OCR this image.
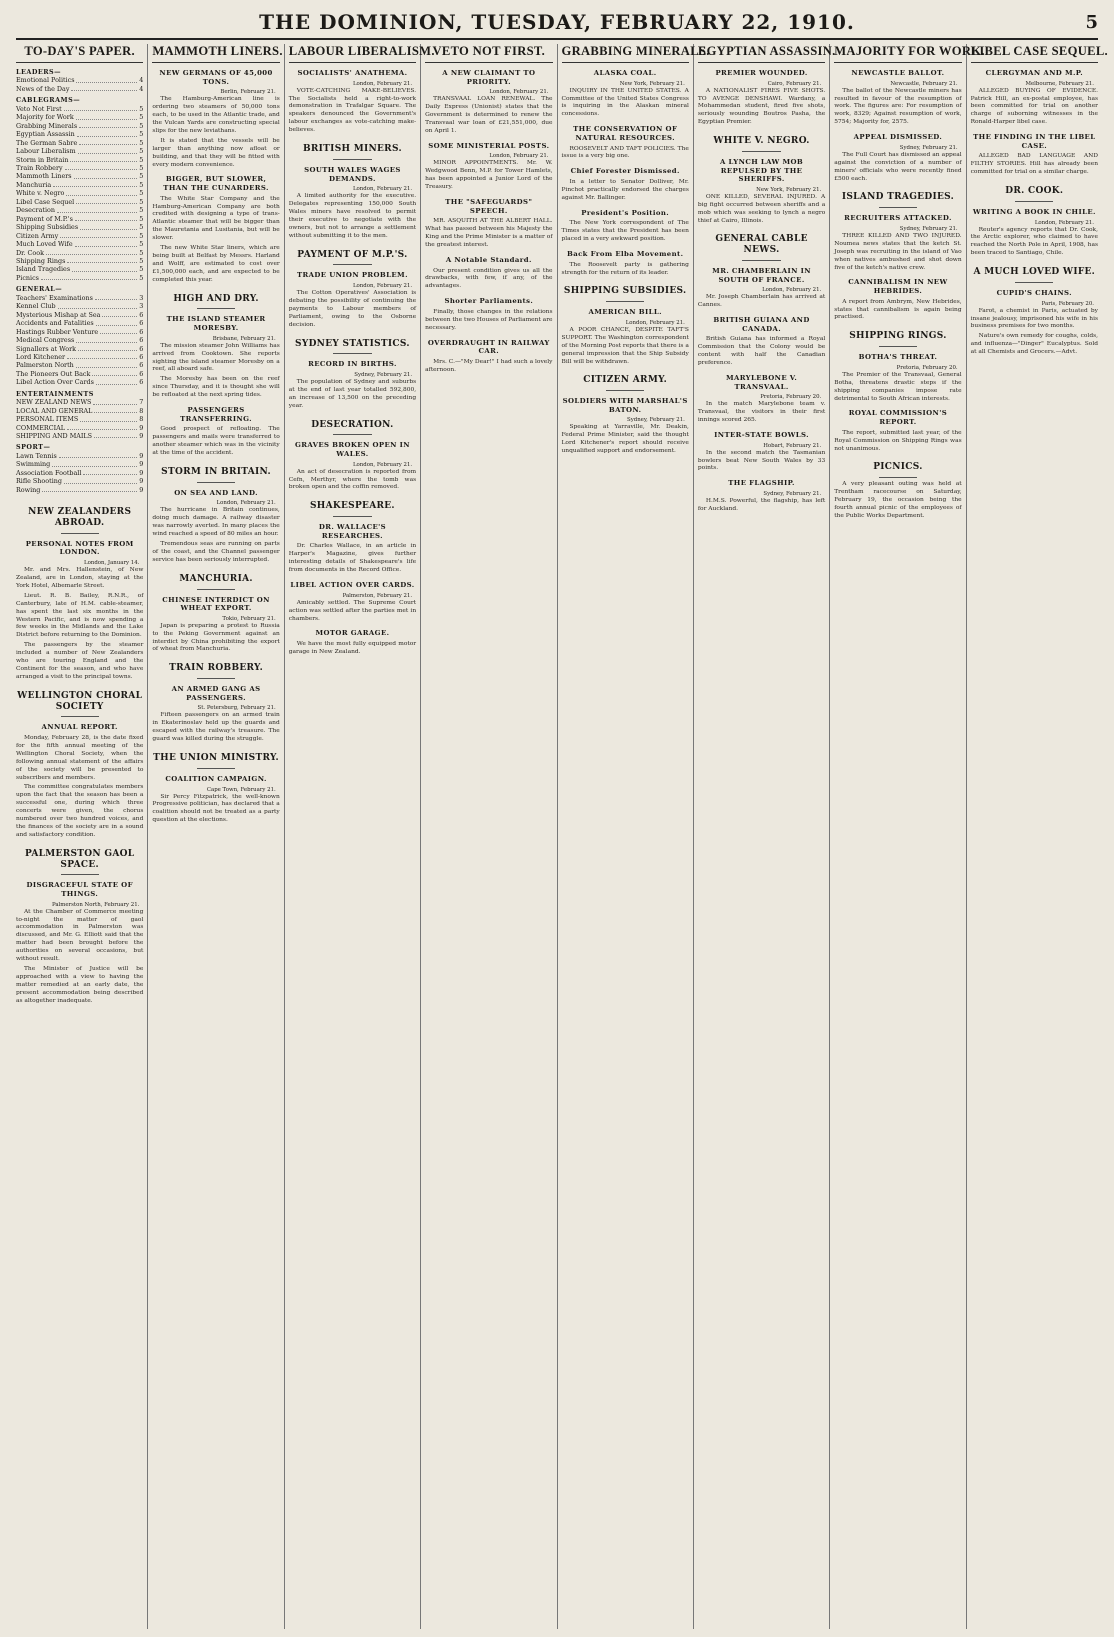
THE DOMINION, TUESDAY, FEBRUARY 22, 1910.	5
TO-DAY'S PAPER.
LEADERS—
Emotional Politics	4
News of the Day	4
CABLEGRAMS—
Veto Not First	5
Majority for Work	5
Grabbing Minerals	5
Egyptian Assassin	5
The German Sabre	5
Labour Liberalism	5
Storm in Britain	5
Train Robbery	5
Mammoth Liners	5
Manchuria	5
White v. Negro	5
Libel Case Sequel	5
Desecration	5
Payment of M.P.'s	5
Shipping Subsidies	5
Citizen Army	5
Much Loved Wife	5
Dr. Cook	5
Shipping Rings	5
Island Tragedies	5
Picnics	5
GENERAL—
Teachers' Examinations	3
Kennel Club	3
Mysterious Mishap at Sea	6
Accidents and Fatalities	6
Hastings Rubber Venture	6
Medical Congress	6
Signallers at Work	6
Lord Kitchener	6
Palmerston North	6
The Pioneers Out Back	6
Libel Action Over Cards	6
ENTERTAINMENTS
NEW ZEALAND NEWS	7
LOCAL AND GENERAL	8
PERSONAL ITEMS	8
COMMERCIAL	9
SHIPPING AND MAILS	9
SPORT—
Lawn Tennis	9
Swimming	9
Association Football	9
Rifle Shooting	9
Rowing	9
NEW ZEALANDERS ABROAD.
PERSONAL NOTES FROM LONDON.
London, January 14.

Mr. and Mrs. Hallenstein, of New Zealand, are in London, staying at the York Hotel, Albemarle Street.

Lieut. R. B. Bailey, R.N.R., of Canterbury, late of H.M. cable-steamer, has spent the last six months in the Western Pacific, and is now spending a few weeks in the Midlands and the Lake District before returning to the Dominion.

The passengers by the steamer included a number of New Zealanders who are touring England and the Continent for the season, and who have arranged a visit to the principal towns.

WELLINGTON CHORAL SOCIETY
ANNUAL REPORT.

Monday, February 28, is the date fixed for the fifth annual meeting of the Wellington Choral Society, when the following annual statement of the affairs of the society will be presented to subscribers and members.

The committee congratulates members upon the fact that the season has been a successful one, during which three concerts were given, the chorus numbered over two hundred voices, and the finances of the society are in a sound and satisfactory condition.

PALMERSTON GAOL SPACE.
DISGRACEFUL STATE OF THINGS.
Palmerston North, February 21.

At the Chamber of Commerce meeting to-night the matter of gaol accommodation in Palmerston was discussed, and Mr. G. Elliott said that the matter had been brought before the authorities on several occasions, but without result.

The Minister of Justice will be approached with a view to having the matter remedied at an early date, the present accommodation being described as altogether inadequate.

MAMMOTH LINERS.
NEW GERMANS OF 45,000 TONS.
Berlin, February 21.

The Hamburg-American line is ordering two steamers of 50,000 tons each, to be used in the Atlantic trade, and the Vulcan Yards are constructing special slips for the new leviathans.

It is stated that the vessels will be larger than anything now afloat or building, and that they will be fitted with every modern convenience.

BIGGER, BUT SLOWER, THAN THE CUNARDERS.

The White Star Company and the Hamburg-American Company are both credited with designing a type of trans-Atlantic steamer that will be bigger than the Mauretania and Lusitania, but will be slower.

The new White Star liners, which are being built at Belfast by Messrs. Harland and Wolff, are estimated to cost over £1,500,000 each, and are expected to be completed this year.

HIGH AND DRY.
THE ISLAND STEAMER MORESBY.
Brisbane, February 21.

The mission steamer John Williams has arrived from Cooktown. She reports sighting the island steamer Moresby on a reef, all aboard safe.

The Moresby has been on the reef since Thursday, and it is thought she will be refloated at the next spring tides.

PASSENGERS TRANSFERRING.

Good prospect of refloating. The passengers and mails were transferred to another steamer which was in the vicinity at the time of the accident.

STORM IN BRITAIN.
ON SEA AND LAND.
London, February 21.

The hurricane in Britain continues, doing much damage. A railway disaster was narrowly averted. In many places the wind reached a speed of 80 miles an hour.

Tremendous seas are running on parts of the coast, and the Channel passenger service has been seriously interrupted.

MANCHURIA.
CHINESE INTERDICT ON WHEAT EXPORT.
Tokio, February 21.

Japan is preparing a protest to Russia to the Peking Government against an interdict by China prohibiting the export of wheat from Manchuria.

TRAIN ROBBERY.
AN ARMED GANG AS PASSENGERS.
St. Petersburg, February 21.

Fifteen passengers on an armed train in Ekaterinoslav held up the guards and escaped with the railway's treasure. The guard was killed during the struggle.

THE UNION MINISTRY.
COALITION CAMPAIGN.
Cape Town, February 21.

Sir Percy Fitzpatrick, the well-known Progressive politician, has declared that a coalition should not be treated as a party question at the elections.

LABOUR LIBERALISM.
SOCIALISTS' ANATHEMA.
London, February 21.

VOTE-CATCHING MAKE-BELIEVES. The Socialists held a right-to-work demonstration in Trafalgar Square. The speakers denounced the Government's labour exchanges as vote-catching make-believes.

BRITISH MINERS.
SOUTH WALES WAGES DEMANDS.
London, February 21.

A limited authority for the executive. Delegates representing 150,000 South Wales miners have resolved to permit their executive to negotiate with the owners, but not to arrange a settlement without submitting it to the men.

PAYMENT OF M.P.'S.
TRADE UNION PROBLEM.
London, February 21.

The Cotton Operatives' Association is debating the possibility of continuing the payments to Labour members of Parliament, owing to the Osborne decision.

SYDNEY STATISTICS.
RECORD IN BIRTHS.
Sydney, February 21.

The population of Sydney and suburbs at the end of last year totalled 592,800, an increase of 13,500 on the preceding year.

DESECRATION.
GRAVES BROKEN OPEN IN WALES.
London, February 21.

An act of desecration is reported from Cefn, Merthyr, where the tomb was broken open and the coffin removed.

SHAKESPEARE.
DR. WALLACE'S RESEARCHES.

Dr. Charles Wallace, in an article in Harper's Magazine, gives further interesting details of Shakespeare's life from documents in the Record Office.

LIBEL ACTION OVER CARDS.
Palmerston, February 21.

Amicably settled. The Supreme Court action was settled after the parties met in chambers.

MOTOR GARAGE.

We have the most fully equipped motor garage in New Zealand.

VETO NOT FIRST.
A NEW CLAIMANT TO PRIORITY.
London, February 21.

TRANSVAAL LOAN RENEWAL. The Daily Express (Unionist) states that the Government is determined to renew the Transvaal war loan of £21,551,000, due on April 1.

SOME MINISTERIAL POSTS.
London, February 21.

MINOR APPOINTMENTS. Mr. W. Wedgwood Benn, M.P. for Tower Hamlets, has been appointed a Junior Lord of the Treasury.

THE "SAFEGUARDS" SPEECH.

MR. ASQUITH AT THE ALBERT HALL. What has passed between his Majesty the King and the Prime Minister is a matter of the greatest interest.

A Notable Standard.

Our present condition gives us all the drawbacks, with few, if any, of the advantages.

Shorter Parliaments.

Finally, those changes in the relations between the two Houses of Parliament are necessary.

OVERDRAUGHT IN RAILWAY CAR.

Mrs. C.—"My Dear!" I had such a lovely afternoon.

GRABBING MINERALS.
ALASKA COAL.
New York, February 21.

INQUIRY IN THE UNITED STATES. A Committee of the United States Congress is inquiring in the Alaskan mineral concessions.

THE CONSERVATION OF NATURAL RESOURCES.

ROOSEVELT AND TAFT POLICIES. The issue is a very big one.

Chief Forester Dismissed.

In a letter to Senator Dolliver, Mr. Pinchot practically endorsed the charges against Mr. Ballinger.

President's Position.

The New York correspondent of The Times states that the President has been placed in a very awkward position.

Back From Elba Movement.

The Roosevelt party is gathering strength for the return of its leader.

SHIPPING SUBSIDIES.
AMERICAN BILL.
London, February 21.

A POOR CHANCE, DESPITE TAFT'S SUPPORT. The Washington correspondent of the Morning Post reports that there is a general impression that the Ship Subsidy Bill will be withdrawn.

CITIZEN ARMY.
SOLDIERS WITH MARSHAL'S BATON.
Sydney, February 21.

Speaking at Yarraville, Mr. Deakin, Federal Prime Minister, said the thought Lord Kitchener's report should receive unqualified support and endorsement.

EGYPTIAN ASSASSIN.
PREMIER WOUNDED.
Cairo, February 21.

A NATIONALIST FIRES FIVE SHOTS. TO AVENGE DENSHAWI. Wardany, a Mohammedan student, fired five shots, seriously wounding Boutros Pasha, the Egyptian Premier.

WHITE V. NEGRO.
A LYNCH LAW MOB REPULSED BY THE SHERIFFS.
New York, February 21.

ONE KILLED, SEVERAL INJURED. A big fight occurred between sheriffs and a mob which was seeking to lynch a negro thief at Cairo, Illinois.

GENERAL CABLE NEWS.
MR. CHAMBERLAIN IN SOUTH OF FRANCE.
London, February 21.

Mr. Joseph Chamberlain has arrived at Cannes.

BRITISH GUIANA AND CANADA.

British Guiana has informed a Royal Commission that the Colony would be content with half the Canadian preference.

MARYLEBONE V. TRANSVAAL.
Pretoria, February 20.

In the match Marylebone team v. Transvaal, the visitors in their first innings scored 265.

INTER-STATE BOWLS.
Hobart, February 21.

In the second match the Tasmanian bowlers beat New South Wales by 33 points.

THE FLAGSHIP.
Sydney, February 21.

H.M.S. Powerful, the flagship, has left for Auckland.

MAJORITY FOR WORK.
NEWCASTLE BALLOT.
Newcastle, February 21.

The ballot of the Newcastle miners has resulted in favour of the resumption of work. The figures are: For resumption of work, 8329; Against resumption of work, 5754; Majority for, 2575.

APPEAL DISMISSED.
Sydney, February 21.

The Full Court has dismissed an appeal against the conviction of a number of miners' officials who were recently fined £500 each.

ISLAND TRAGEDIES.
RECRUITERS ATTACKED.
Sydney, February 21.

THREE KILLED AND TWO INJURED. Noumea news states that the ketch St. Joseph was recruiting in the island of Vao when natives ambushed and shot down five of the ketch's native crew.

CANNIBALISM IN NEW HEBRIDES.

A report from Ambrym, New Hebrides, states that cannibalism is again being practised.

SHIPPING RINGS.
BOTHA'S THREAT.
Pretoria, February 20.

The Premier of the Transvaal, General Botha, threatens drastic steps if the shipping companies impose rate detrimental to South African interests.

ROYAL COMMISSION'S REPORT.

The report, submitted last year, of the Royal Commission on Shipping Rings was not unanimous.

PICNICS.

A very pleasant outing was held at Trentham racecourse on Saturday, February 19, the occasion being the fourth annual picnic of the employees of the Public Works Department.

LIBEL CASE SEQUEL.
CLERGYMAN AND M.P.
Melbourne, February 21.

ALLEGED BUYING OF EVIDENCE. Patrick Hill, an ex-postal employee, has been committed for trial on another charge of suborning witnesses in the Ronald-Harper libel case.

THE FINDING IN THE LIBEL CASE.

ALLEGED BAD LANGUAGE AND FILTHY STORIES. Hill has already been committed for trial on a similar charge.

DR. COOK.
WRITING A BOOK IN CHILE.
London, February 21.

Reuter's agency reports that Dr. Cook, the Arctic explorer, who claimed to have reached the North Pole in April, 1908, has been traced to Santiago, Chile.

A MUCH LOVED WIFE.
CUPID'S CHAINS.
Paris, February 20.

Farot, a chemist in Paris, actuated by insane jealousy, imprisoned his wife in his business premises for two months.

Nature's own remedy for coughs, colds, and influenza—"Dinger" Eucalyptus. Sold at all Chemists and Grocers.—Advt.
